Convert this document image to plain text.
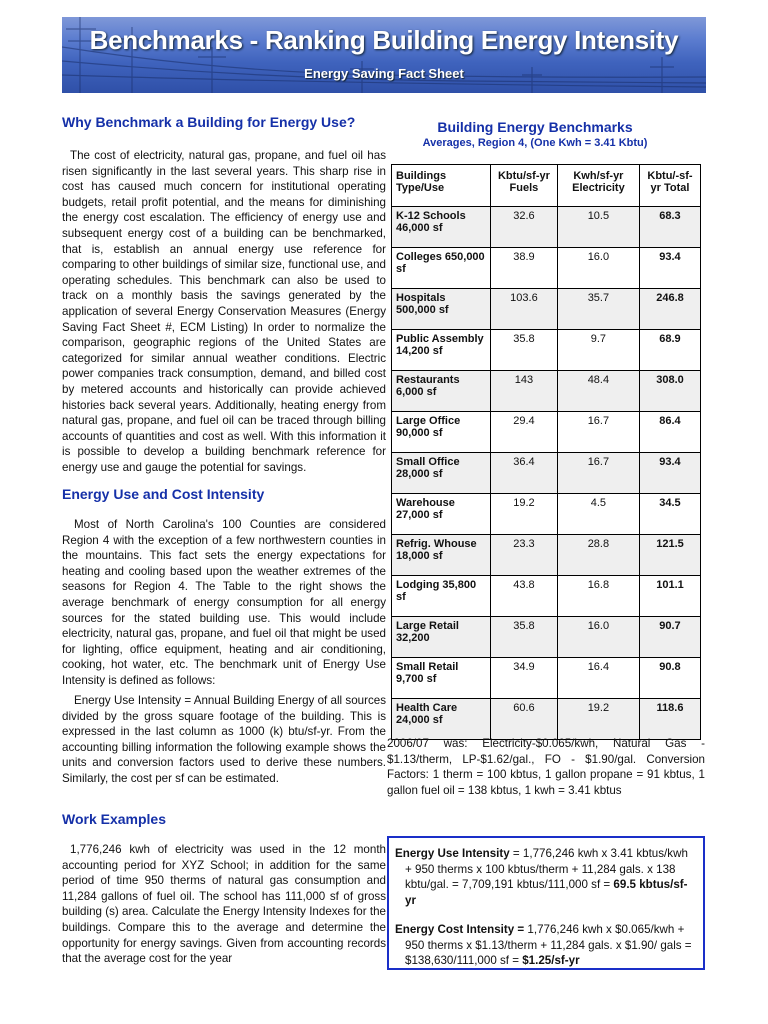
Benchmarks - Ranking Building Energy Intensity
Energy Saving Fact Sheet
Why Benchmark a Building for Energy Use?

The cost of electricity, natural gas, propane, and fuel oil has risen significantly in the last several years. This sharp rise in cost has caused much concern for institutional operating budgets, retail profit potential, and the means for diminishing the energy cost escalation. The efficiency of energy use and subsequent energy cost of a building can be benchmarked, that is, establish an annual energy use reference for comparing to other buildings of similar size, functional use, and operating schedules. This benchmark can also be used to track on a monthly basis the savings generated by the application of several Energy Conservation Measures (Energy Saving Fact Sheet #, ECM Listing) In order to normalize the comparison, geographic regions of the United States are categorized for similar annual weather conditions. Electric power companies track consumption, demand, and billed cost by metered accounts and historically can provide achieved histories back several years. Additionally, heating energy from natural gas, propane, and fuel oil can be traced through billing accounts of quantities and cost as well. With this information it is possible to develop a building benchmark reference for energy use and gauge the potential for savings.

Energy Use and Cost Intensity

Most of North Carolina's 100 Counties are considered Region 4 with the exception of a few northwestern counties in the mountains. This fact sets the energy expectations for heating and cooling based upon the weather extremes of the seasons for Region 4. The Table to the right shows the average benchmark of energy consumption for all energy sources for the stated building use. This would include electricity, natural gas, propane, and fuel oil that might be used for lighting, office equipment, heating and air conditioning, cooking, hot water, etc. The benchmark unit of Energy Use Intensity is defined as follows:

Energy Use Intensity = Annual Building Energy of all sources divided by the gross square footage of the building. This is expressed in the last column as 1000 (k) btu/sf-yr. From the accounting billing information the following example shows the units and conversion factors used to derive these numbers. Similarly, the cost per sf can be estimated.

Work Examples

1,776,246 kwh of electricity was used in the 12 month accounting period for XYZ School; in addition for the same period of time 950 therms of natural gas consumption and 11,284 gallons of fuel oil. The school has 111,000 sf of gross building (s) area. Calculate the Energy Intensity Indexes for the buildings. Compare this to the average and determine the opportunity for energy savings. Given from accounting records that the average cost for the year

Building Energy Benchmarks
Averages, Region 4, (One Kwh = 3.41 Kbtu)
Buildings Type/Use	Kbtu/sf-yr Fuels	Kwh/sf-yr Electricity	Kbtu/-sf-yr Total
K-12 Schools 46,000 sf	32.6	10.5	68.3
Colleges 650,000 sf	38.9	16.0	93.4
Hospitals 500,000 sf	103.6	35.7	246.8
Public Assembly 14,200 sf	35.8	9.7	68.9
Restaurants 6,000 sf	143	48.4	308.0
Large Office 90,000 sf	29.4	16.7	86.4
Small Office 28,000 sf	36.4	16.7	93.4
Warehouse 27,000 sf	19.2	4.5	34.5
Refrig. Whouse 18,000 sf	23.3	28.8	121.5
Lodging 35,800 sf	43.8	16.8	101.1
Large Retail 32,200	35.8	16.0	90.7
Small Retail 9,700 sf	34.9	16.4	90.8
Health Care 24,000 sf	60.6	19.2	118.6

2006/07 was: Electricity-$0.065/kwh, Natural Gas - $1.13/therm, LP-$1.62/gal., FO - $1.90/gal. Conversion Factors: 1 therm = 100 kbtus, 1 gallon propane = 91 kbtus, 1 gallon fuel oil = 138 kbtus, 1 kwh = 3.41 kbtus

Energy Use Intensity = 1,776,246 kwh x 3.41 kbtus/kwh + 950 therms x 100 kbtus/therm + 11,284 gals. x 138 kbtu/gal. = 7,709,191 kbtus/111,000 sf = 69.5 kbtus/sf-yr

Energy Cost Intensity = 1,776,246 kwh x $0.065/kwh + 950 therms x $1.13/therm + 11,284 gals. x $1.90/ gals = $138,630/111,000 sf = $1.25/sf-yr
